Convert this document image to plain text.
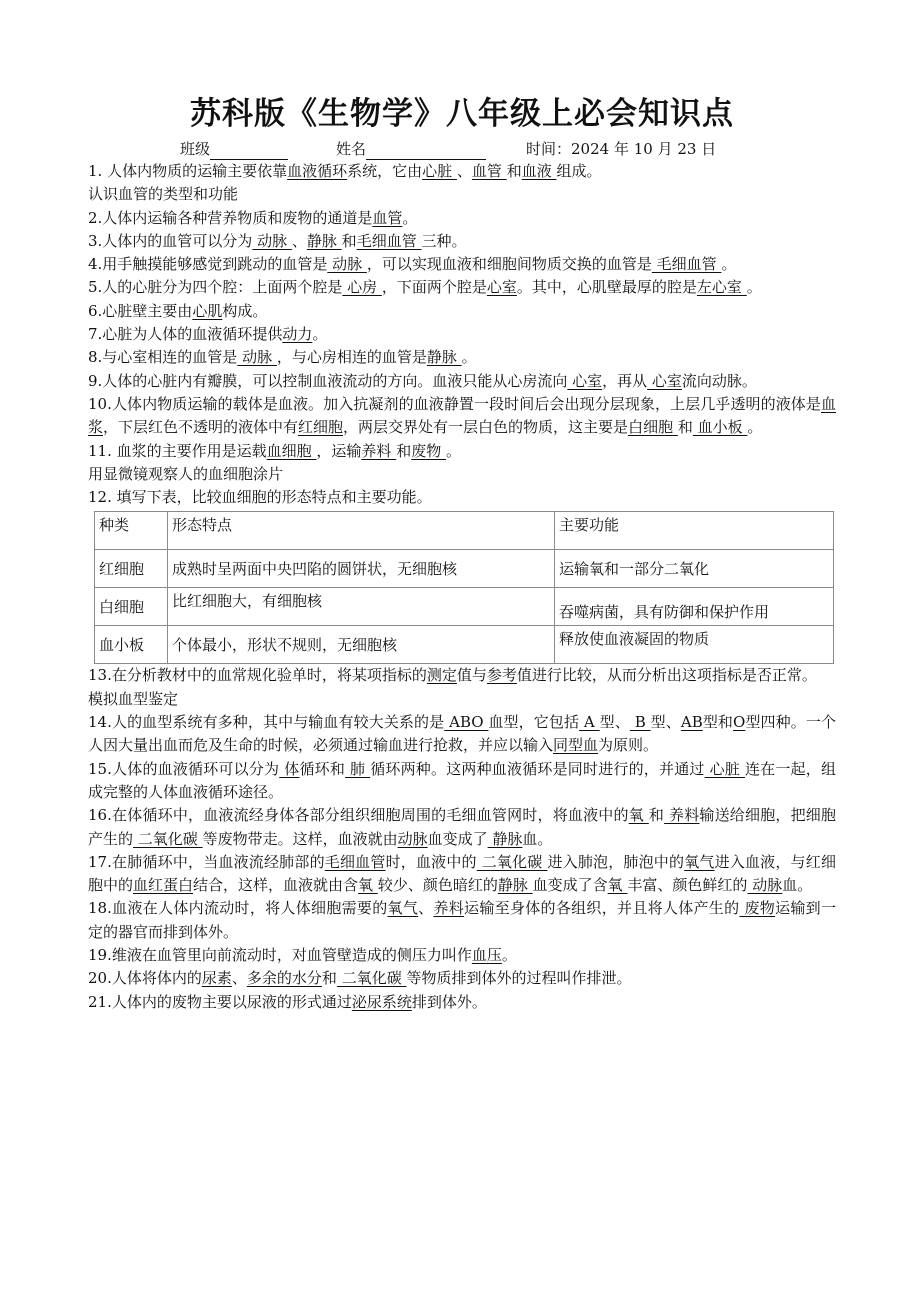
苏科版《生物学》八年级上必会知识点
班级	姓名	时间：2024 年 10 月 23 日

1. 人体内物质的运输主要依靠血液循环系统，它由心脏 、血管 和血液 组成。

认识血管的类型和功能

2.人体内运输各种营养物质和废物的通道是血管。

3.人体内的血管可以分为 动脉 、静脉 和毛细血管 三种。

4.用手触摸能够感觉到跳动的血管是 动脉 ，可以实现血液和细胞间物质交换的血管是 毛细血管 。

5.人的心脏分为四个腔：上面两个腔是 心房 ，下面两个腔是心室。其中，心肌壁最厚的腔是左心室 。

6.心脏壁主要由心肌构成。

7.心脏为人体的血液循环提供动力。

8.与心室相连的血管是 动脉 ，与心房相连的血管是静脉 。

9.人体的心脏内有瓣膜，可以控制血液流动的方向。血液只能从心房流向 心室，再从 心室流向动脉。

10.人体内物质运输的载体是血液。加入抗凝剂的血液静置一段时间后会出现分层现象，上层几乎透明的液体是血浆，下层红色不透明的液体中有红细胞，两层交界处有一层白色的物质，这主要是白细胞 和 血小板 。

11. 血浆的主要作用是运载血细胞 ，运输养料 和废物 。

用显微镜观察人的血细胞涂片

12. 填写下表，比较血细胞的形态特点和主要功能。

种类	形态特点	主要功能
红细胞	成熟时呈两面中央凹陷的圆饼状，无细胞核	运输氧和一部分二氧化
白细胞	比红细胞大，有细胞核	吞噬病菌，具有防御和保护作用
血小板	个体最小，形状不规则，无细胞核	释放使血液凝固的物质

13.在分析教材中的血常规化验单时，将某项指标的测定值与参考值进行比较，从而分析出这项指标是否正常。

模拟血型鉴定

14.人的血型系统有多种，其中与输血有较大关系的是 ABO 血型，它包括 A 型、 B 型、AB型和O型四种。一个人因大量出血而危及生命的时候，必须通过输血进行抢救，并应以输入同型血为原则。

15.人体的血液循环可以分为 体循环和 肺 循环两种。这两种血液循环是同时进行的，并通过 心脏 连在一起，组成完整的人体血液循环途径。

16.在体循环中，血液流经身体各部分组织细胞周围的毛细血管网时，将血液中的氧 和 养料输送给细胞，把细胞产生的 二氧化碳 等废物带走。这样，血液就由动脉血变成了 静脉血。

17.在肺循环中，当血液流经肺部的毛细血管时，血液中的 二氧化碳 进入肺泡，肺泡中的氧气进入血液，与红细胞中的血红蛋白结合，这样，血液就由含氧 较少、颜色暗红的静脉 血变成了含氧 丰富、颜色鲜红的 动脉血。

18.血液在人体内流动时，将人体细胞需要的氧气、养料运输至身体的各组织，并且将人体产生的 废物运输到一定的器官而排到体外。

19.维液在血管里向前流动时，对血管壁造成的侧压力叫作血压。

20.人体将体内的尿素、多余的水分和 二氧化碳 等物质排到体外的过程叫作排泄。

21.人体内的废物主要以尿液的形式通过泌尿系统排到体外。
